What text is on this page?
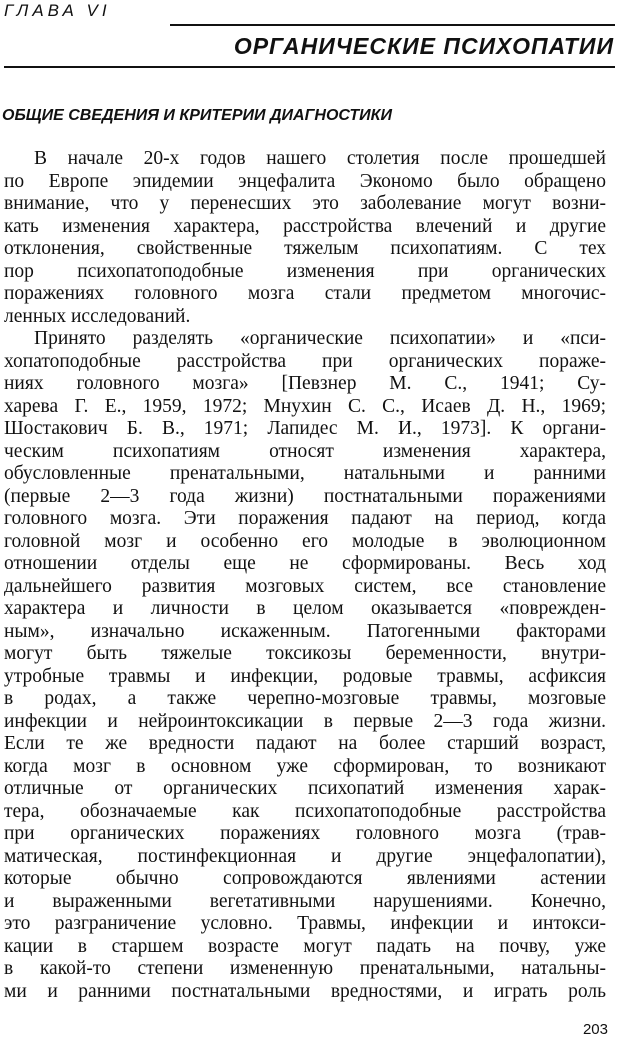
ГЛАВА VI
ОРГАНИЧЕСКИЕ ПСИХОПАТИИ
ОБЩИЕ СВЕДЕНИЯ И КРИТЕРИИ ДИАГНОСТИКИ
В начале 20-х годов нашего столетия после прошедшей
по Европе эпидемии энцефалита Экономо было обращено
внимание, что у перенесших это заболевание могут возни-
кать изменения характера, расстройства влечений и другие
отклонения, свойственные тяжелым психопатиям. С тех
пор психопатоподобные изменения при органических
поражениях головного мозга стали предметом многочис-
ленных исследований.
Принято разделять «органические психопатии» и «пси-
хопатоподобные расстройства при органических пораже-
ниях головного мозга» [Певзнер М. С., 1941; Су-
харева Г. Е., 1959, 1972; Мнухин С. С., Исаев Д. Н., 1969;
Шостакович Б. В., 1971; Лапидес М. И., 1973]. К органи-
ческим психопатиям относят изменения характера,
обусловленные пренатальными, натальными и ранними
(первые 2—3 года жизни) постнатальными поражениями
головного мозга. Эти поражения падают на период, когда
головной мозг и особенно его молодые в эволюционном
отношении отделы еще не сформированы. Весь ход
дальнейшего развития мозговых систем, все становление
характера и личности в целом оказывается «поврежден-
ным», изначально искаженным. Патогенными факторами
могут быть тяжелые токсикозы беременности, внутри-
утробные травмы и инфекции, родовые травмы, асфиксия
в родах, а также черепно-мозговые травмы, мозговые
инфекции и нейроинтоксикации в первые 2—3 года жизни.
Если те же вредности падают на более старший возраст,
когда мозг в основном уже сформирован, то возникают
отличные от органических психопатий изменения харак-
тера, обозначаемые как психопатоподобные расстройства
при органических поражениях головного мозга (трав-
матическая, постинфекционная и другие энцефалопатии),
которые обычно сопровождаются явлениями астении
и выраженными вегетативными нарушениями. Конечно,
это разграничение условно. Травмы, инфекции и интокси-
кации в старшем возрасте могут падать на почву, уже
в какой-то степени измененную пренатальными, натальны-
ми и ранними постнатальными вредностями, и играть роль
203
